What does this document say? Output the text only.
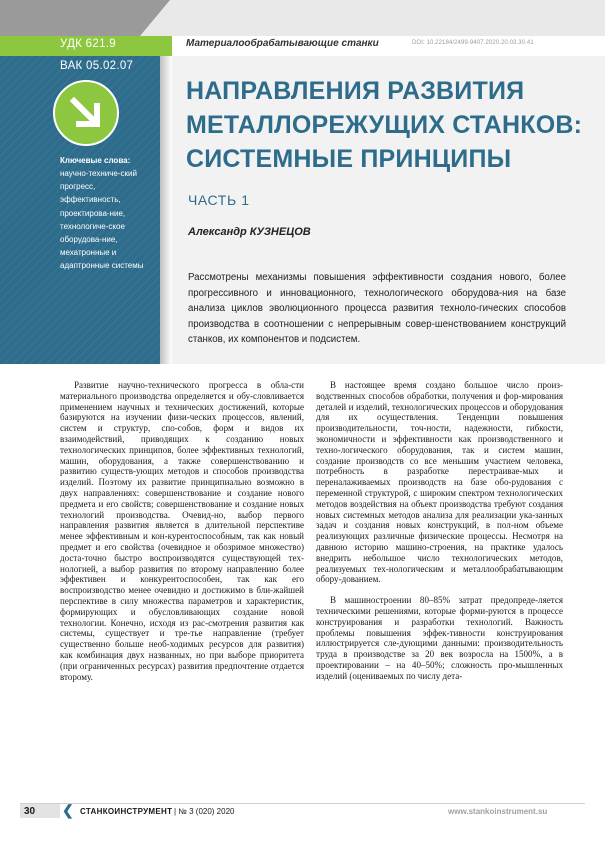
УДК 621.9
ВАК 05.02.07
Ключевые слова:
научно-техниче-ский прогресс, эффективность, проектирова-ние, технологиче-ское оборудова-ние, мехатронные и адаптронные системы
Материалообрабатывающие станки	DOI: 10.22184/2499-9407.2020.20.03.30.41
НАПРАВЛЕНИЯ РАЗВИТИЯ МЕТАЛЛОРЕЖУЩИХ СТАНКОВ: СИСТЕМНЫЕ ПРИНЦИПЫ
ЧАСТЬ 1
Александр КУЗНЕЦОВ
Рассмотрены механизмы повышения эффективности создания нового, более прогрессивного и инновационного, технологического оборудова-ния на базе анализа циклов эволюционного процесса развития техноло-гических способов производства в соотношении с непрерывным совер-шенствованием конструкций станков, их компонентов и подсистем.

Развитие научно-технического прогресса в обла-сти материального производства определяется и обу-словливается применением научных и технических достижений, которые базируются на изучении физи-ческих процессов, явлений, систем и структур, спо-собов, форм и видов их взаимодействий, приводящих к созданию новых технологических принципов, более эффективных технологий, машин, оборудования, а также совершенствованию и развитию существ-ующих методов и способов производства изделий. Поэтому их развитие принципиально возможно в двух направлениях: совершенствование и создание нового предмета и его свойств; совершенствование и создание новых технологий производства. Очевид-но, выбор первого направления развития является в длительной перспективе менее эффективным и кон-курентоспособным, так как новый предмет и его свойства (очевидное и обозримое множество) доста-точно быстро воспроизводятся существующей тех-нологией, а выбор развития по второму направлению более эффективен и конкурентоспособен, так как его воспроизводство менее очевидно и достижимо в бли-жайшей перспективе в силу множества параметров и характеристик, формирующих и обусловливающих создание новой технологии. Конечно, исходя из рас-смотрения развития как системы, существует и тре-тье направление (требует существенно больше необ-ходимых ресурсов для развития) как комбинация двух названных, но при выборе приоритета (при ограниченных ресурсах) развития предпочтение отдается второму.

В настоящее время создано большое число произ-водственных способов обработки, получения и фор-мирования деталей и изделий, технологических процессов и оборудования для их осуществления. Тенденции повышения производительности, точ-ности, надежности, гибкости, экономичности и эффективности как производственного и техно-логического оборудования, так и систем машин, создание производств со все меньшим участием человека, потребность в разработке перестраивае-мых и переналаживаемых производств на базе обо-рудования с переменной структурой, с широким спектром технологических методов воздействия на объект производства требуют создания новых системных методов анализа для реализации ука-занных задач и создания новых конструкций, в пол-ном объеме реализующих различные физические процессы. Несмотря на давнюю историю машино-строения, на практике удалось внедрить небольшое число технологических методов, реализуемых тех-нологическим и металлообрабатывающим обору-дованием.

В машиностроении 80–85% затрат предопреде-ляется техническими решениями, которые форми-руются в процессе конструирования и разработки технологий. Важность проблемы повышения эффек-тивности конструирования иллюстрируется сле-дующими данными: производительность труда в производстве за 20 век возросла на 1500%, а в проектировании – на 40–50%; сложность про-мышленных изделий (оцениваемых по числу дета-

30 ❮ СТАНКОИНСТРУМЕНТ | № 3 (020) 2020	www.stankoinstrument.su
